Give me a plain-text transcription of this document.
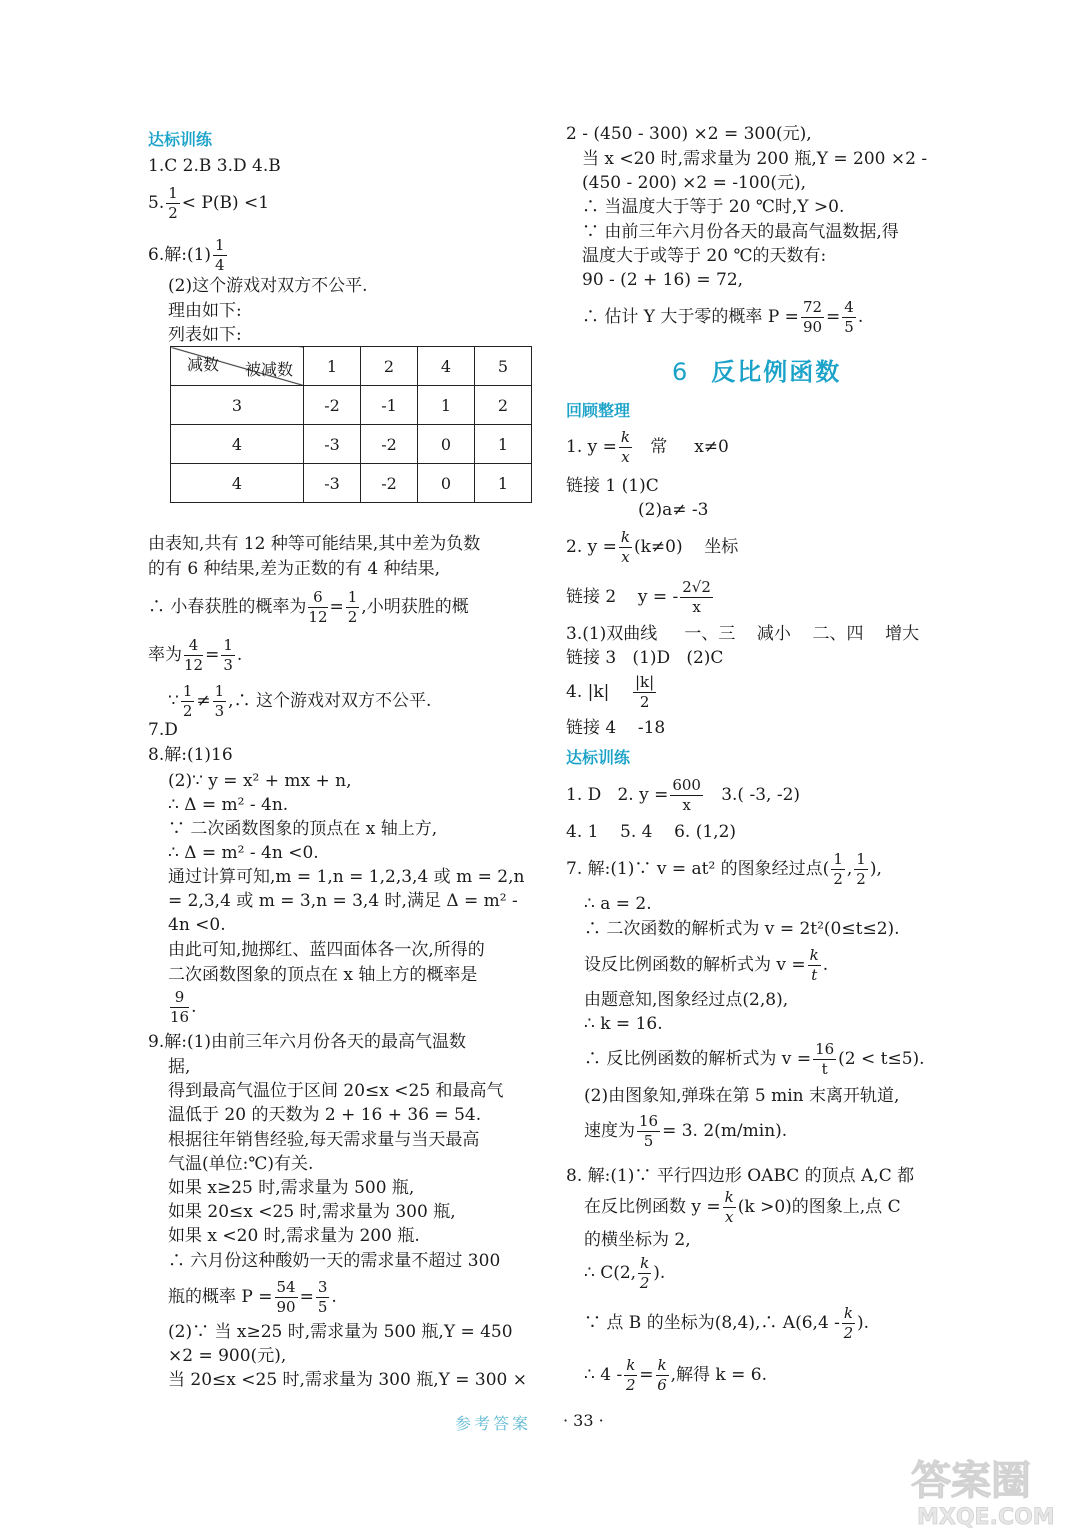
达标训练
1.C 2.B 3.D 4.B
5. $\frac{1}{2} < P(B) <1$
6.解:(1) $\frac{1}{4}$
(2)这个游戏对双方不公平.
理由如下:
列表如下:
由表知,共有 12 种等可能结果,其中差为负数
的有 6 种结果,差为正数的有 4 种结果,
∴ 小春获胜的概率为 $\frac{6}{12} = \frac{1}{2}$ ,小明获胜的概
率为 $\frac{4}{12} = \frac{1}{3}$ .
∵ $\frac{1}{2} \ne \frac{1}{3}$ ,∴ 这个游戏对双方不公平.
7.D
8.解:(1)16
(2)∵ y = x² + mx + n,
∴ Δ = m² - 4n.
∵ 二次函数图象的顶点在 x 轴上方,
∴ Δ = m² - 4n <0.
通过计算可知,m = 1,n = 1,2,3,4 或 m = 2,n
= 2,3,4 或 m = 3,n = 3,4 时,满足 Δ = m² -
4n <0.
由此可知,抛掷红、蓝四面体各一次,所得的
二次函数图象的顶点在 x 轴上方的概率是
$\frac{9}{16}$ .
9.解:(1)由前三年六月份各天的最高气温数
据,
得到最高气温位于区间 20≤x <25 和最高气
温低于 20 的天数为 2 + 16 + 36 = 54.
根据往年销售经验,每天需求量与当天最高
气温(单位:℃)有关.
如果 x≥25 时,需求量为 500 瓶,
如果 20≤x <25 时,需求量为 300 瓶,
如果 x <20 时,需求量为 200 瓶.
∴ 六月份这种酸奶一天的需求量不超过 300
瓶的概率 $P = \frac{54}{90} = \frac{3}{5}$ .
(2)∵ 当 x≥25 时,需求量为 500 瓶,Y = 450
×2 = 900(元),
当 20≤x <25 时,需求量为 300 瓶,Y = 300 ×
被减数
减数	1	2	4	5
3	-2	-1	1	2
4	-3	-2	0	1
4	-3	-2	0	1
2 - (450 - 300) ×2 = 300(元),
当 x <20 时,需求量为 200 瓶,Y = 200 ×2 -
(450 - 200) ×2 = -100(元),
∴ 当温度大于等于 20 ℃时,Y >0.
∵ 由前三年六月份各天的最高气温数据,得
温度大于或等于 20 ℃的天数有:
90 - (2 + 16) = 72,
∴ 估计 Y 大于零的概率 $P = \frac{72}{90} = \frac{4}{5}$ .
回顾整理
1. $y = \frac{k}{x}$ 常     x≠0
链接 1 (1)C
(2)a≠ -3
2. $y = \frac{k}{x} (k\ne 0)$    坐标
链接 2    y = - $\frac{2√2}{x}$
3.(1)双曲线     一、三    减小    二、四    增大
链接 3   (1)D   (2)C
4. $|k| \frac{|k|}{2}$
链接 4    -18
达标训练
1. D   2. $y = \frac{600}{x} 3$.( -3, -2)
4. 1    5. 4    6. (1,2)
7. 解:(1)∵ v = at² 的图象经过点( $\frac{1}{2}$ , $\frac{1}{2}$ ),
∴ a = 2.
∴ 二次函数的解析式为 v = 2t²(0≤t≤2).
设反比例函数的解析式为 $v = \frac{k}{t}$ .
由题意知,图象经过点(2,8),
∴ k = 16.
∴ 反比例函数的解析式为 $v = \frac{16}{t} (2 < t\le 5)$.
(2)由图象知,弹珠在第 5 min 末离开轨道,
速度为 $\frac{16}{5} = 3$. 2(m/min).
8. 解:(1)∵ 平行四边形 OABC 的顶点 A,C 都
在反比例函数 $y = \frac{k}{x} (k >0)$的图象上,点 C
的横坐标为 2,
∴ C(2, $\frac{k}{2}$ ).
∵ 点 B 的坐标为(8,4),∴ $A(6,4 - \frac{k}{2}$ ).
∴ $4 - \frac{k}{2} = \frac{k}{6}$ ,解得 k = 6.
6 反比例函数
参考答案 · 33 ·
答案圈
MXQE.COM
